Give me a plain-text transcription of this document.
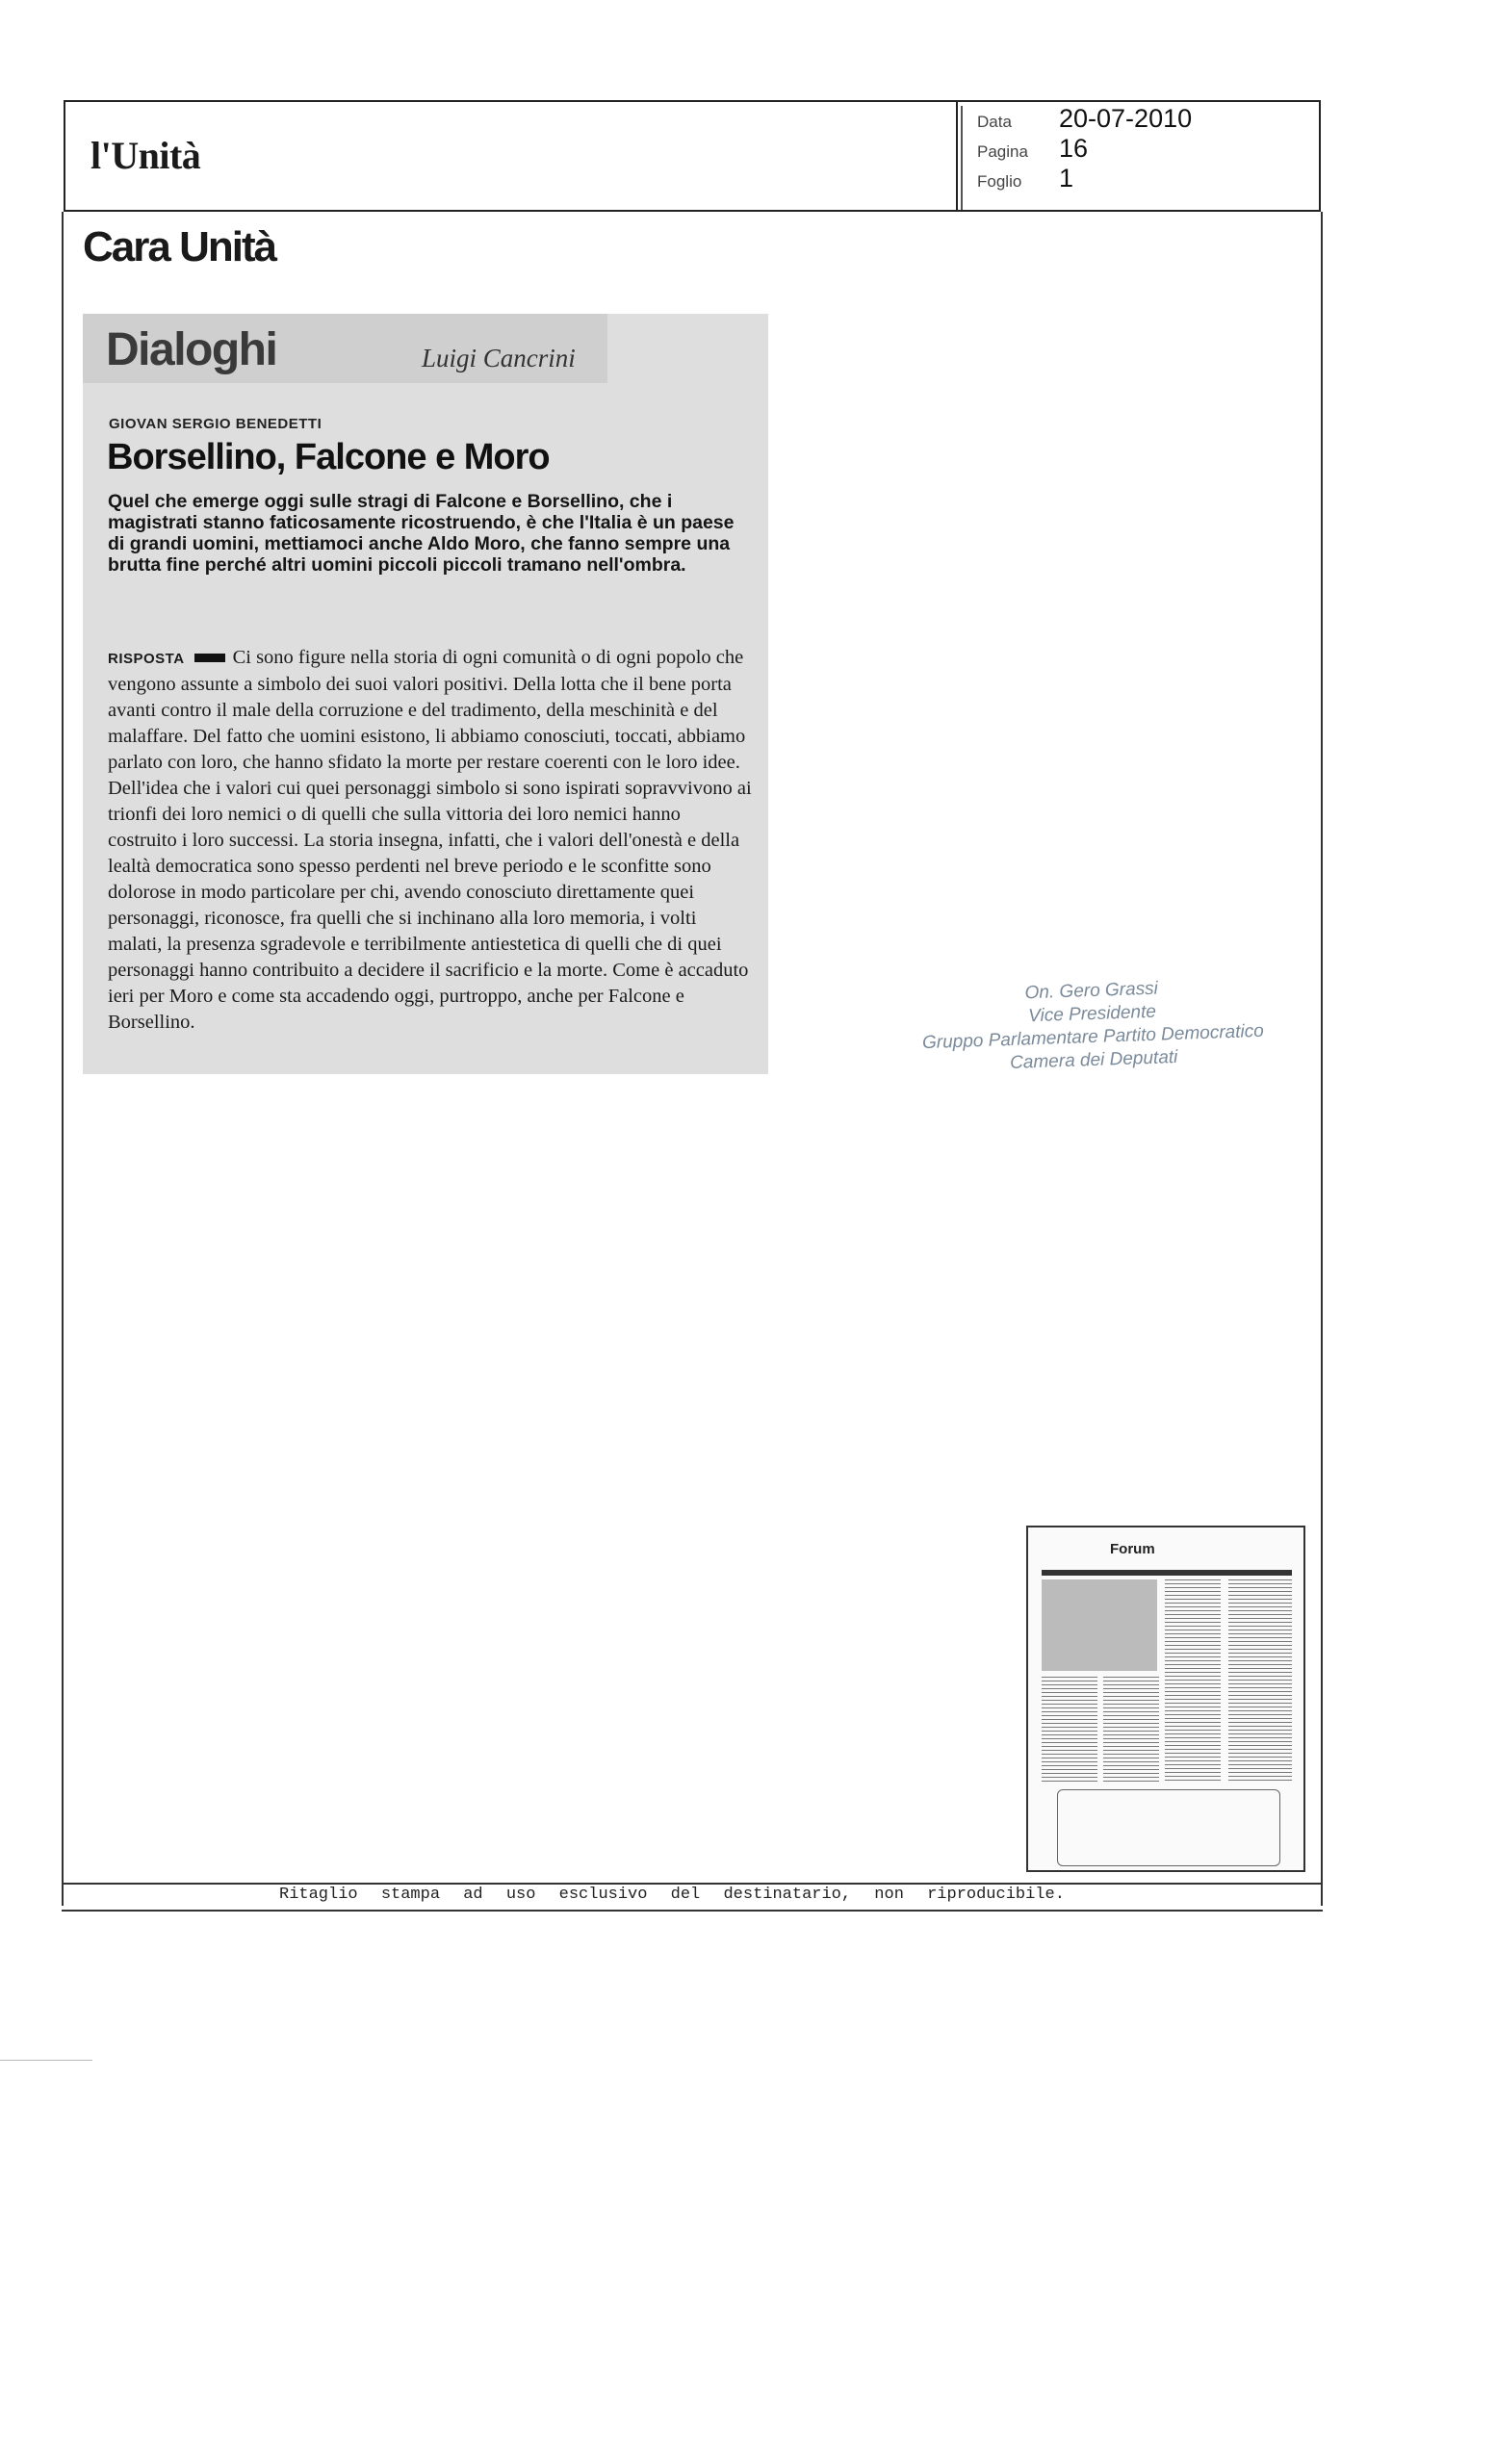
l'Unità
Data	20-07-2010
Pagina	16
Foglio	1
Ritaglio stampa ad uso esclusivo del destinatario, non riproducibile.
Cara Unità
Dialoghi	Luigi Cancrini
GIOVAN SERGIO BENEDETTI
Borsellino, Falcone e Moro
Quel che emerge oggi sulle stragi di Falcone e Borsellino, che i magistrati stanno faticosamente ricostruendo, è che l'Italia è un paese di grandi uomini, mettiamoci anche Aldo Moro, che fanno sempre una brutta fine perché altri uomini piccoli piccoli tramano nell'ombra.
RISPOSTA Ci sono figure nella storia di ogni comunità o di ogni popolo che vengono assunte a simbolo dei suoi valori positivi. Della lotta che il bene porta avanti contro il male della corruzione e del tradimento, della meschinità e del malaffare. Del fatto che uomini esistono, li abbiamo conosciuti, toccati, abbiamo parlato con loro, che hanno sfidato la morte per restare coerenti con le loro idee. Dell'idea che i valori cui quei personaggi simbolo si sono ispirati sopravvivono ai trionfi dei loro nemici o di quelli che sulla vittoria dei loro nemici hanno costruito i loro successi. La storia insegna, infatti, che i valori dell'onestà e della lealtà democratica sono spesso perdenti nel breve periodo e le sconfitte sono dolorose in modo particolare per chi, avendo conosciuto direttamente quei personaggi, riconosce, fra quelli che si inchinano alla loro memoria, i volti malati, la presenza sgradevole e terribilmente antiestetica di quelli che di quei personaggi hanno contribuito a decidere il sacrificio e la morte. Come è accaduto ieri per Moro e come sta accadendo oggi, purtroppo, anche per Falcone e Borsellino.
On. Gero Grassi
Vice Presidente
Gruppo Parlamentare Partito Democratico
Camera dei Deputati
Forum
